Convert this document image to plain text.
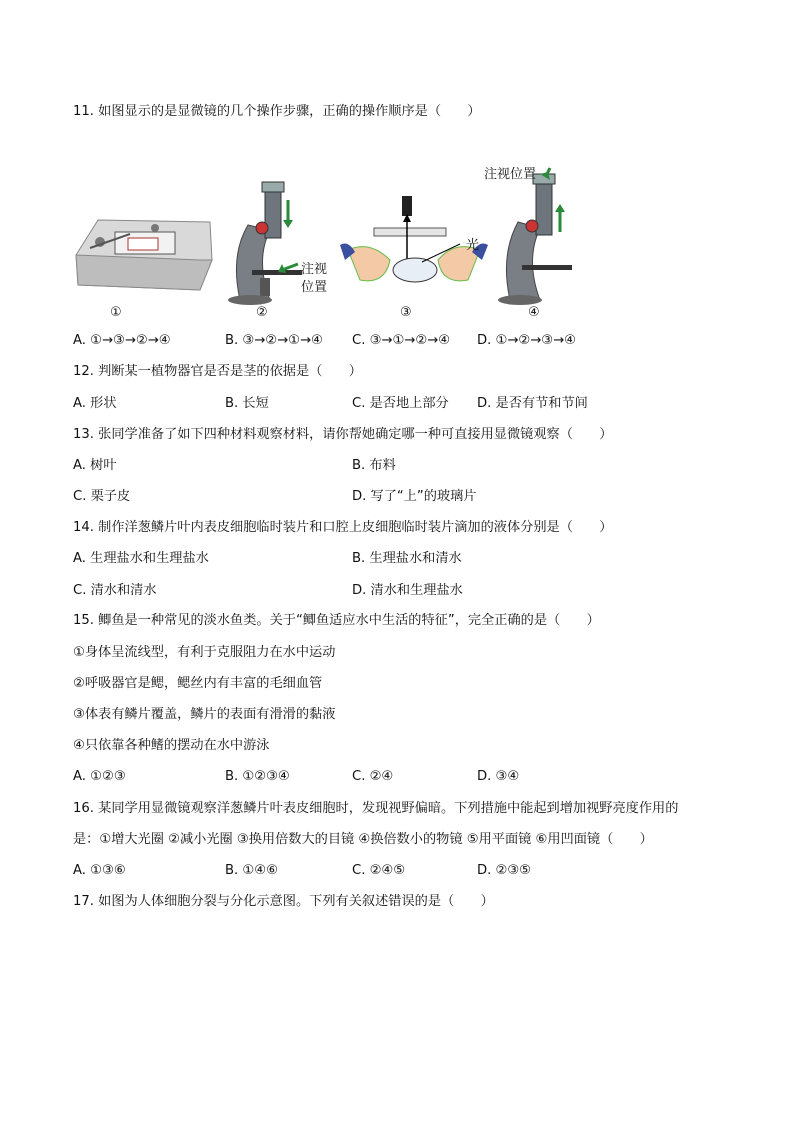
11. 如图显示的是显微镜的几个操作步骤，正确的操作顺序是（　　）
①	②	③	④
注视
位置
光
注视位置
A. ①→③→②→④	B. ③→②→①→④ C. ③→①→②→④ D. ①→②→③→④
12. 判断某一植物器官是否是茎的依据是（　　）
A. 形状	B. 长短	C. 是否地上部分 D. 是否有节和节间
13. 张同学准备了如下四种材料观察材料，请你帮她确定哪一种可直接用显微镜观察（　　）
A. 树叶	B. 布料
C. 栗子皮	D. 写了“上”的玻璃片
14. 制作洋葱鳞片叶内表皮细胞临时装片和口腔上皮细胞临时装片滴加的液体分别是（　　）
A. 生理盐水和生理盐水	B. 生理盐水和清水
C. 清水和清水	D. 清水和生理盐水
15. 鲫鱼是一种常见的淡水鱼类。关于“鲫鱼适应水中生活的特征”，完全正确的是（　　）
①身体呈流线型，有利于克服阻力在水中运动
②呼吸器官是鳃，鳃丝内有丰富的毛细血管
③体表有鳞片覆盖，鳞片的表面有滑滑的黏液
④只依靠各种鳍的摆动在水中游泳
A. ①②③	B. ①②③④	C. ②④	D. ③④
16. 某同学用显微镜观察洋葱鳞片叶表皮细胞时，发现视野偏暗。下列措施中能起到增加视野亮度作用的
是：①增大光圈 ②减小光圈 ③换用倍数大的目镜 ④换倍数小的物镜 ⑤用平面镜 ⑥用凹面镜（　　）
A. ①③⑥	B. ①④⑥	C. ②④⑤	D. ②③⑤
17. 如图为人体细胞分裂与分化示意图。下列有关叙述错误的是（　　）
